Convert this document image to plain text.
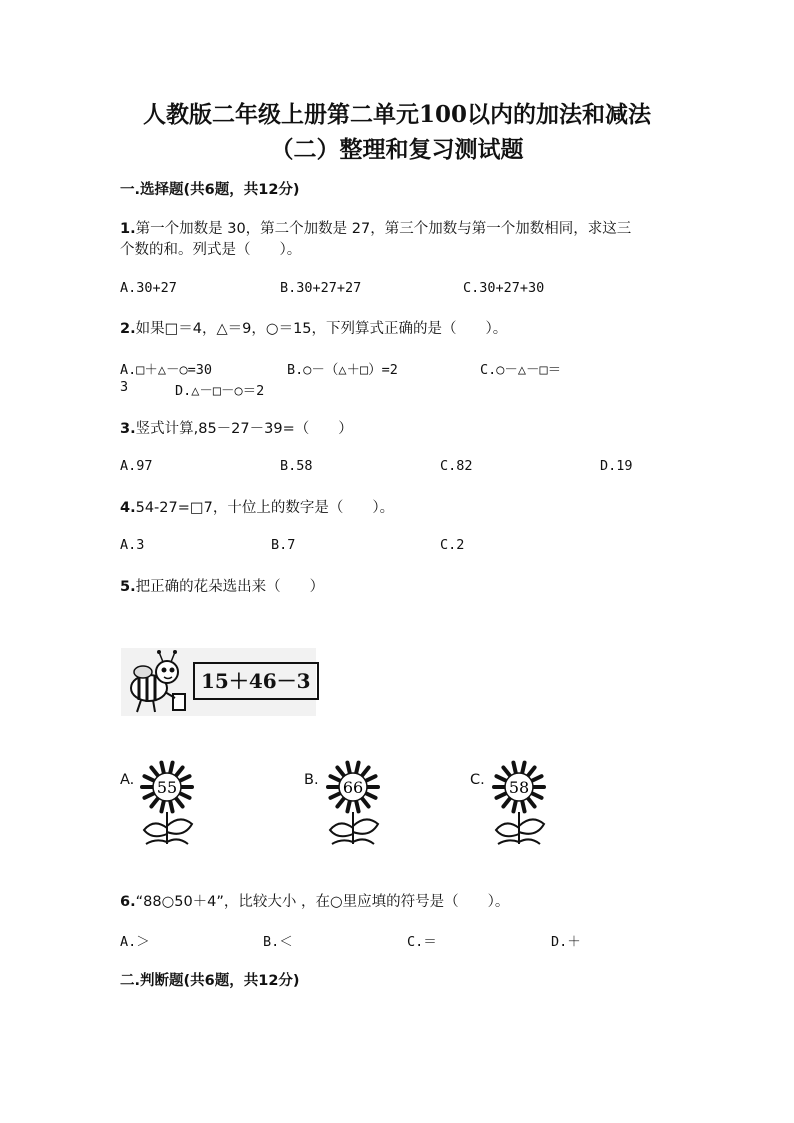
人教版二年级上册第二单元100以内的加法和减法
（二）整理和复习测试题
一.选择题(共6题，共12分)
1.第一个加数是 30，第二个加数是 27，第三个加数与第一个加数相同，求这三
个数的和。列式是（　　）。
A.30+27	B.30+27+27	C.30+27+30
2.如果□＝4，△＝9，○＝15，下列算式正确的是（　　）。
A.□＋△－○=30	B.○－（△＋□）=2	C.○－△－□＝
3	D.△－□－○＝2
3.竖式计算,85－27－39=（　　）
A.97	B.58	C.82	D.19
4.54-27=□7，十位上的数字是（　　）。
A.3	B.7	C.2
5.把正确的花朵选出来（　　）
15＋46－3
A.	B.	C.
55	66	58
6.“88○50＋4”，比较大小 ，在○里应填的符号是（　　）。
A.＞	B.＜	C.＝	D.＋
二.判断题(共6题，共12分)
